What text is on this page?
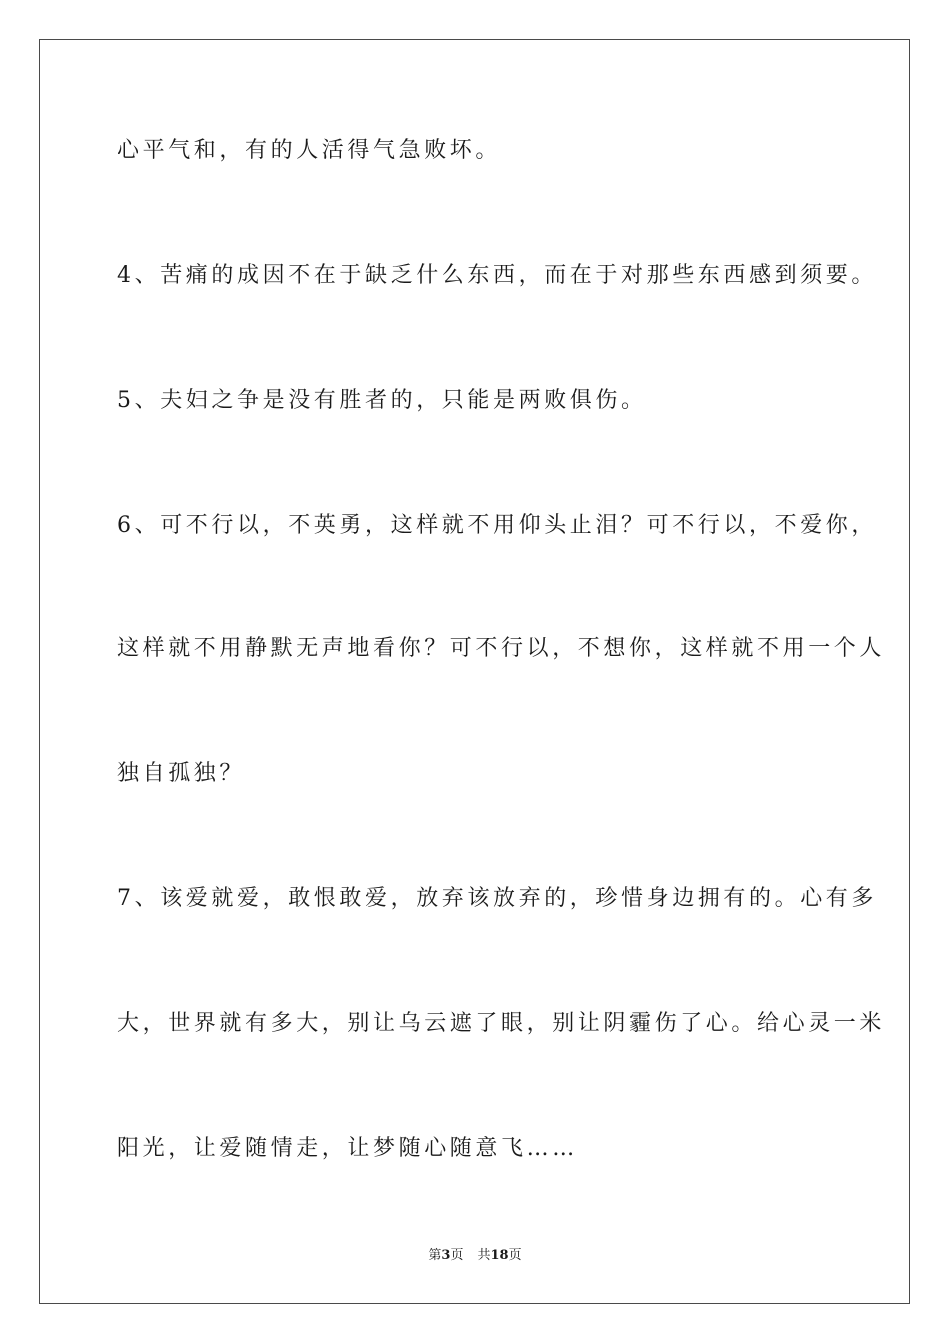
心平气和，有的人活得气急败坏。
4、苦痛的成因不在于缺乏什么东西，而在于对那些东西感到须要。
5、夫妇之争是没有胜者的，只能是两败俱伤。
6、可不行以，不英勇，这样就不用仰头止泪？可不行以，不爱你，
这样就不用静默无声地看你？可不行以，不想你，这样就不用一个人
独自孤独？
7、该爱就爱，敢恨敢爱，放弃该放弃的，珍惜身边拥有的。心有多
大，世界就有多大，别让乌云遮了眼，别让阴霾伤了心。给心灵一米
阳光，让爱随情走，让梦随心随意飞……
第3页 共18页
